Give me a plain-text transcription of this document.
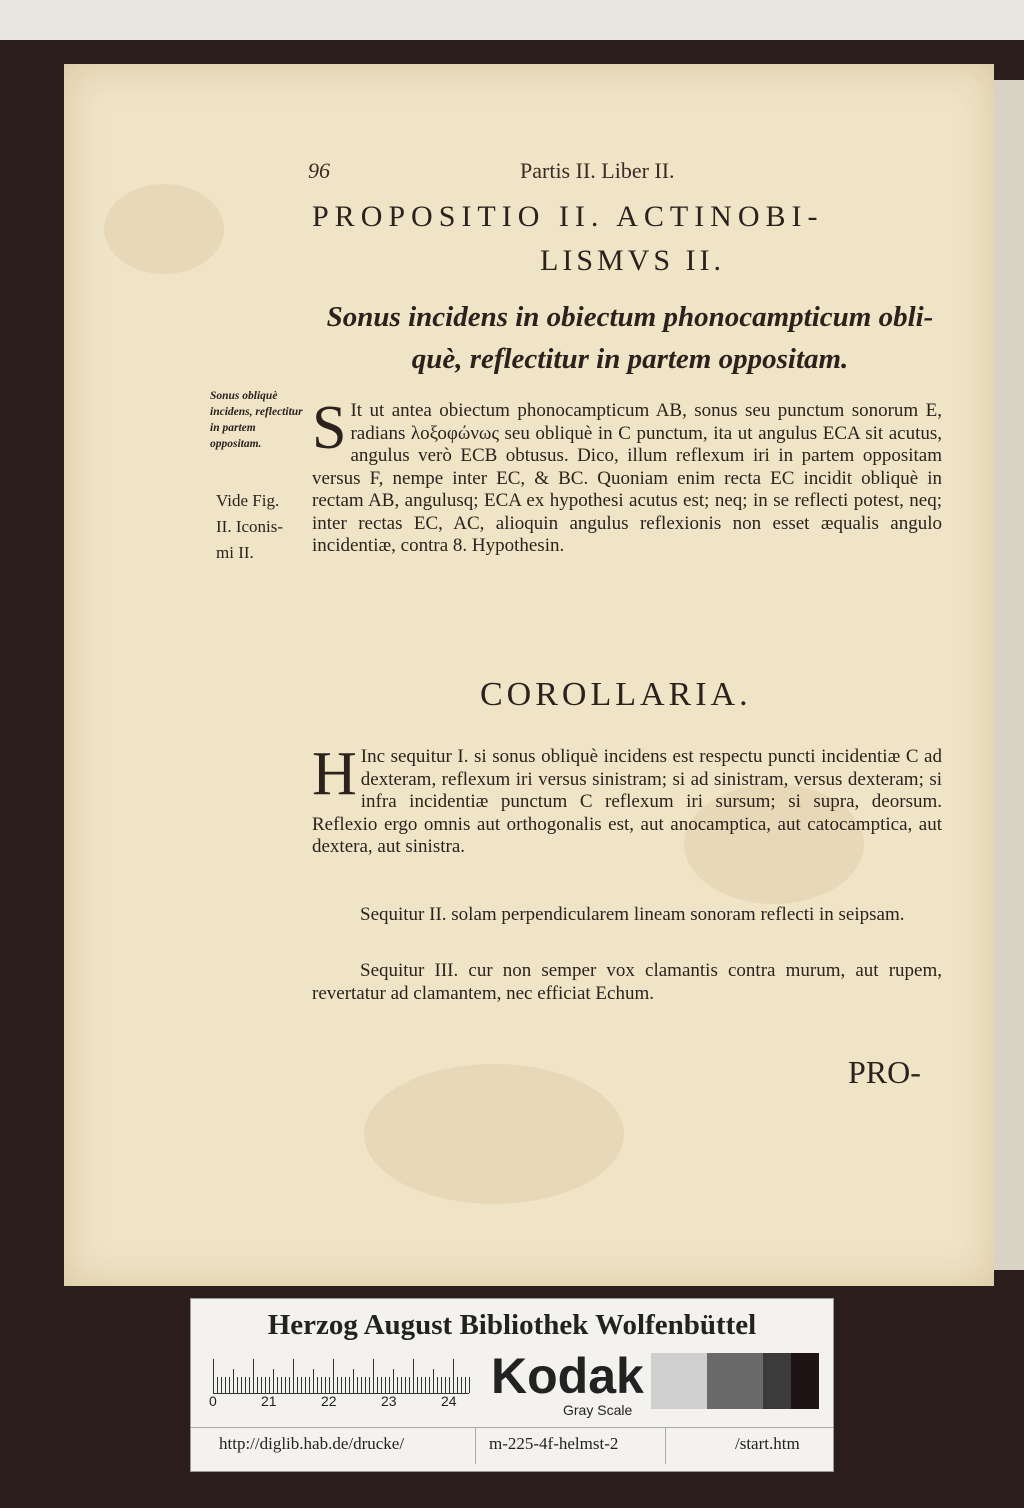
96	Partis II. Liber II.
PROPOSITIO II. ACTINOBI-
LISMVS II.
Sonus incidens in obiectum phonocampticum obli-
què, reflectitur in partem oppositam.
Sonus obliquè incidens, reflectitur in partem oppositam.
Vide Fig.
II. Iconis-
mi II.
S It ut antea obiectum phonocampticum AB, sonus seu punctum sonorum E, radians λοξοφώνως seu obliquè in C punctum, ita ut angulus ECA sit acutus, angulus verò ECB obtusus. Dico, illum reflexum iri in partem oppositam versus F, nempe inter EC, & BC. Quoniam enim recta EC incidit obliquè in rectam AB, angulusq; ECA ex hypothesi acutus est; neq; in se reflecti potest, neq; inter rectas EC, AC, alioquin angulus reflexionis non esset æqualis angulo incidentiæ, contra 8. Hypothesin.
COROLLARIA.
H Inc sequitur I. si sonus obliquè incidens est respectu puncti incidentiæ C ad dexteram, reflexum iri versus sinistram; si ad sinistram, versus dexteram; si infra incidentiæ punctum C reflexum iri sursum; si supra, deorsum. Reflexio ergo omnis aut orthogonalis est, aut anocamptica, aut catocamptica, aut dextera, aut sinistra.
Sequitur II. solam perpendicularem lineam sonoram reflecti in seipsam.
Sequitur III. cur non semper vox clamantis contra murum, aut rupem, revertatur ad clamantem, nec efficiat Echum.
PRO-
Herzog August Bibliothek Wolfenbüttel
0	21	22	23	24 Kodak
Gray Scale
http://diglib.hab.de/drucke/	m-225-4f-helmst-2	/start.htm
